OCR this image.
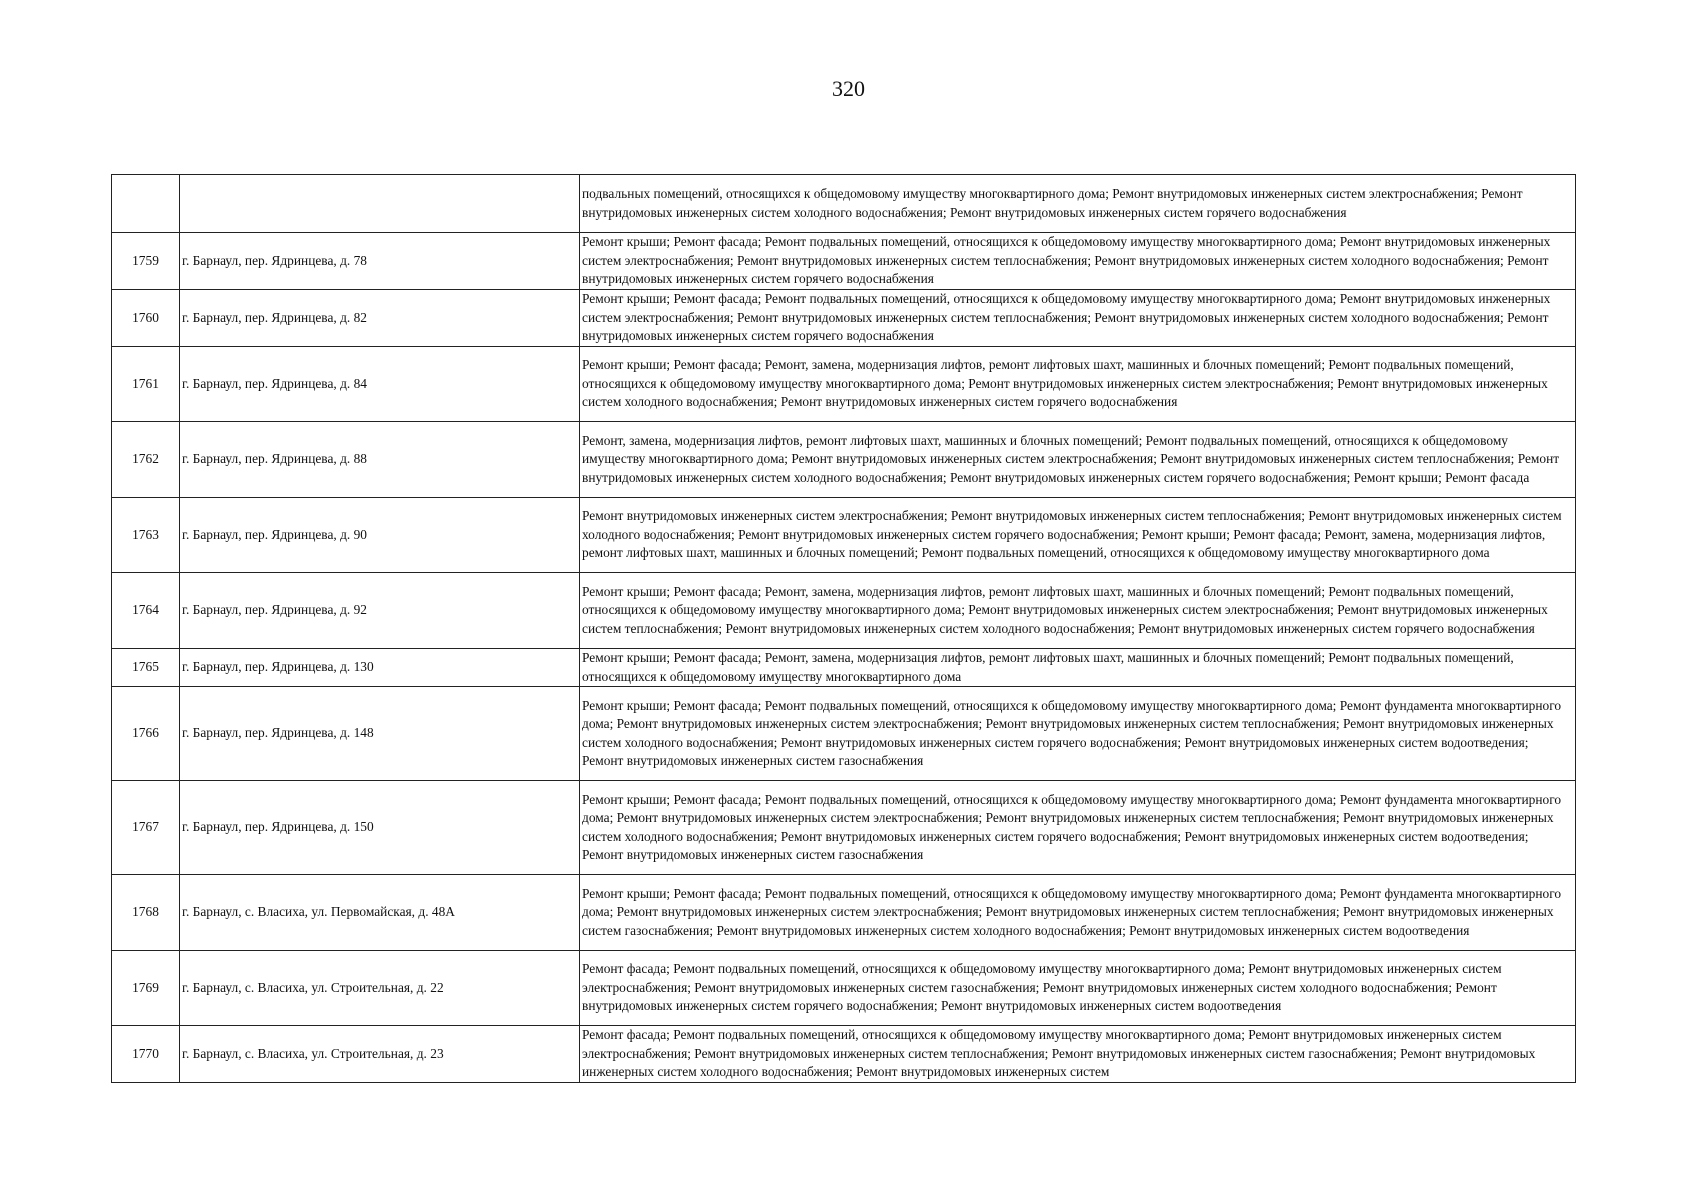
320

		подвальных помещений, относящихся к общедомовому имуществу многоквартирного дома; Ремонт внутридомовых инженерных систем электроснабжения; Ремонт внутридомовых инженерных систем холодного водоснабжения; Ремонт внутридомовых инженерных систем горячего водоснабжения

1759	г. Барнаул, пер. Ядринцева, д. 78	Ремонт крыши; Ремонт фасада; Ремонт подвальных помещений, относящихся к общедомовому имуществу многоквартирного дома; Ремонт внутридомовых инженерных систем электроснабжения; Ремонт внутридомовых инженерных систем теплоснабжения; Ремонт внутридомовых инженерных систем холодного водоснабжения; Ремонт внутридомовых инженерных систем горячего водоснабжения

1760	г. Барнаул, пер. Ядринцева, д. 82	Ремонт крыши; Ремонт фасада; Ремонт подвальных помещений, относящихся к общедомовому имуществу многоквартирного дома; Ремонт внутридомовых инженерных систем электроснабжения; Ремонт внутридомовых инженерных систем теплоснабжения; Ремонт внутридомовых инженерных систем холодного водоснабжения; Ремонт внутридомовых инженерных систем горячего водоснабжения

1761	г. Барнаул, пер. Ядринцева, д. 84	Ремонт крыши; Ремонт фасада; Ремонт, замена, модернизация лифтов, ремонт лифтовых шахт, машинных и блочных помещений; Ремонт подвальных помещений, относящихся к общедомовому имуществу многоквартирного дома; Ремонт внутридомовых инженерных систем электроснабжения; Ремонт внутридомовых инженерных систем холодного водоснабжения; Ремонт внутридомовых инженерных систем горячего водоснабжения

1762	г. Барнаул, пер. Ядринцева, д. 88	Ремонт, замена, модернизация лифтов, ремонт лифтовых шахт, машинных и блочных помещений; Ремонт подвальных помещений, относящихся к общедомовому имуществу многоквартирного дома; Ремонт внутридомовых инженерных систем электроснабжения; Ремонт внутридомовых инженерных систем теплоснабжения; Ремонт внутридомовых инженерных систем холодного водоснабжения; Ремонт внутридомовых инженерных систем горячего водоснабжения; Ремонт крыши; Ремонт фасада

1763	г. Барнаул, пер. Ядринцева, д. 90	Ремонт внутридомовых инженерных систем электроснабжения; Ремонт внутридомовых инженерных систем теплоснабжения; Ремонт внутридомовых инженерных систем холодного водоснабжения; Ремонт внутридомовых инженерных систем горячего водоснабжения; Ремонт крыши; Ремонт фасада; Ремонт, замена, модернизация лифтов, ремонт лифтовых шахт, машинных и блочных помещений; Ремонт подвальных помещений, относящихся к общедомовому имуществу многоквартирного дома

1764	г. Барнаул, пер. Ядринцева, д. 92	Ремонт крыши; Ремонт фасада; Ремонт, замена, модернизация лифтов, ремонт лифтовых шахт, машинных и блочных помещений; Ремонт подвальных помещений, относящихся к общедомовому имуществу многоквартирного дома; Ремонт внутридомовых инженерных систем электроснабжения; Ремонт внутридомовых инженерных систем теплоснабжения; Ремонт внутридомовых инженерных систем холодного водоснабжения; Ремонт внутридомовых инженерных систем горячего водоснабжения

1765	г. Барнаул, пер. Ядринцева, д. 130	Ремонт крыши; Ремонт фасада; Ремонт, замена, модернизация лифтов, ремонт лифтовых шахт, машинных и блочных помещений; Ремонт подвальных помещений, относящихся к общедомовому имуществу многоквартирного дома

1766	г. Барнаул, пер. Ядринцева, д. 148	Ремонт крыши; Ремонт фасада; Ремонт подвальных помещений, относящихся к общедомовому имуществу многоквартирного дома; Ремонт фундамента многоквартирного дома; Ремонт внутридомовых инженерных систем электроснабжения; Ремонт внутридомовых инженерных систем теплоснабжения; Ремонт внутридомовых инженерных систем холодного водоснабжения; Ремонт внутридомовых инженерных систем горячего водоснабжения; Ремонт внутридомовых инженерных систем водоотведения; Ремонт внутридомовых инженерных систем газоснабжения

1767	г. Барнаул, пер. Ядринцева, д. 150	Ремонт крыши; Ремонт фасада; Ремонт подвальных помещений, относящихся к общедомовому имуществу многоквартирного дома; Ремонт фундамента многоквартирного дома; Ремонт внутридомовых инженерных систем электроснабжения; Ремонт внутридомовых инженерных систем теплоснабжения; Ремонт внутридомовых инженерных систем холодного водоснабжения; Ремонт внутридомовых инженерных систем горячего водоснабжения; Ремонт внутридомовых инженерных систем водоотведения; Ремонт внутридомовых инженерных систем газоснабжения

1768	г. Барнаул, с. Власиха, ул. Первомайская, д. 48А	Ремонт крыши; Ремонт фасада; Ремонт подвальных помещений, относящихся к общедомовому имуществу многоквартирного дома; Ремонт фундамента многоквартирного дома; Ремонт внутридомовых инженерных систем электроснабжения; Ремонт внутридомовых инженерных систем теплоснабжения; Ремонт внутридомовых инженерных систем газоснабжения; Ремонт внутридомовых инженерных систем холодного водоснабжения; Ремонт внутридомовых инженерных систем водоотведения

1769	г. Барнаул, с. Власиха, ул. Строительная, д. 22	Ремонт фасада; Ремонт подвальных помещений, относящихся к общедомовому имуществу многоквартирного дома; Ремонт внутридомовых инженерных систем электроснабжения; Ремонт внутридомовых инженерных систем газоснабжения; Ремонт внутридомовых инженерных систем холодного водоснабжения; Ремонт внутридомовых инженерных систем горячего водоснабжения; Ремонт внутридомовых инженерных систем водоотведения

1770	г. Барнаул, с. Власиха, ул. Строительная, д. 23	Ремонт фасада; Ремонт подвальных помещений, относящихся к общедомовому имуществу многоквартирного дома; Ремонт внутридомовых инженерных систем электроснабжения; Ремонт внутридомовых инженерных систем теплоснабжения; Ремонт внутридомовых инженерных систем газоснабжения; Ремонт внутридомовых инженерных систем холодного водоснабжения; Ремонт внутридомовых инженерных систем
